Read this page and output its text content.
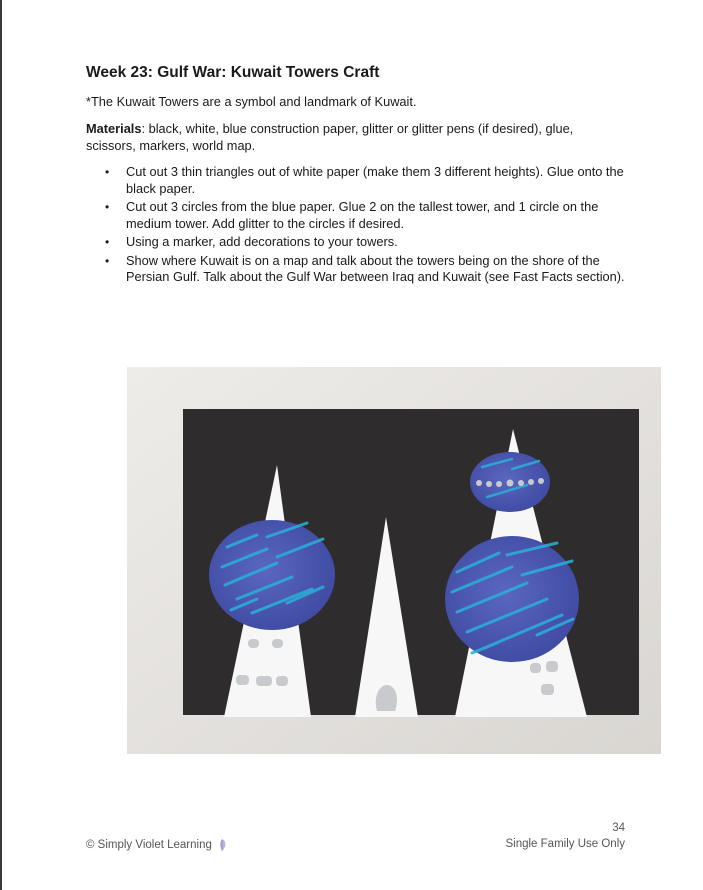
Week 23: Gulf War: Kuwait Towers Craft

*The Kuwait Towers are a symbol and landmark of Kuwait.

Materials: black, white, blue construction paper, glitter or glitter pens (if desired), glue, scissors, markers, world map.

• Cut out 3 thin triangles out of white paper (make them 3 different heights). Glue onto the black paper.
• Cut out 3 circles from the blue paper. Glue 2 on the tallest tower, and 1 circle on the medium tower. Add glitter to the circles if desired.
• Using a marker, add decorations to your towers.
• Show where Kuwait is on a map and talk about the towers being on the shore of the Persian Gulf. Talk about the Gulf War between Iraq and Kuwait (see Fast Facts section).
© Simply Violet Learning
34
Single Family Use Only
